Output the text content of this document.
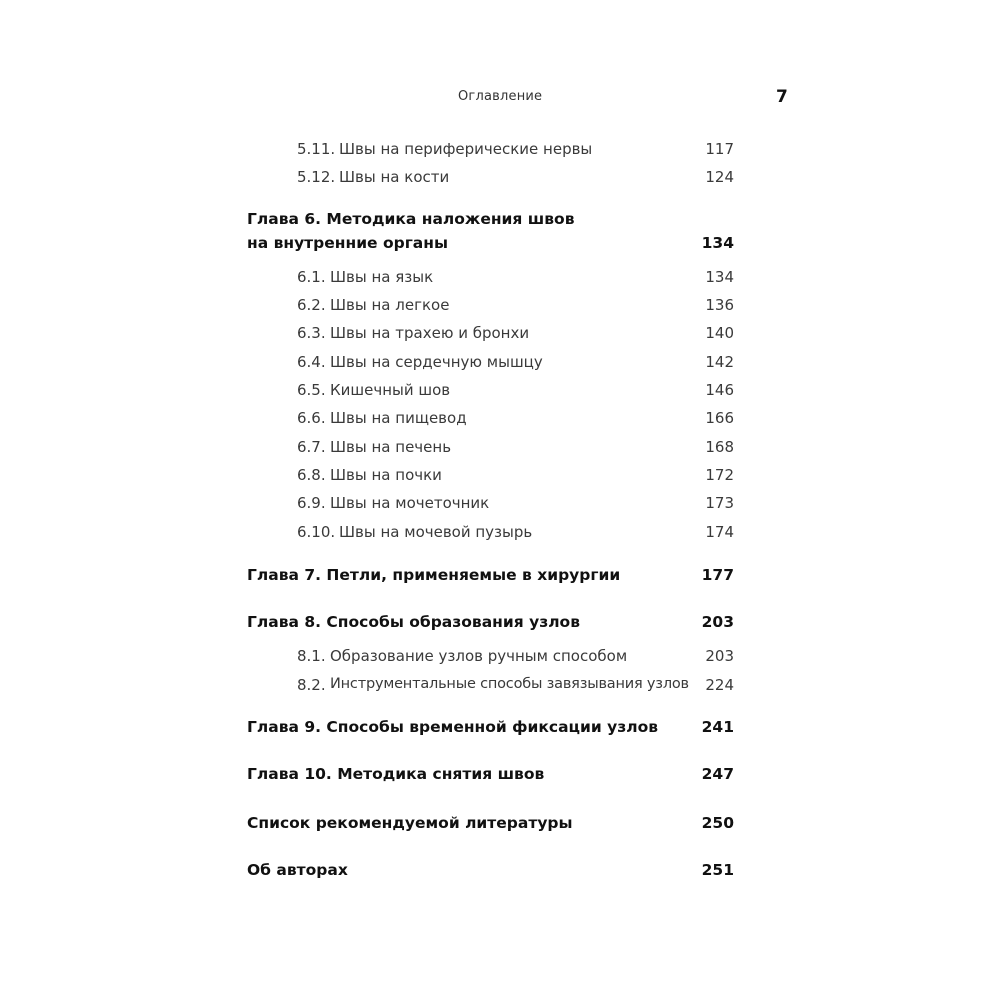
Оглавление	7
5.11. Швы на периферические нервы	117
5.12. Швы на кости	124
Глава 6. Методика наложения швов
на внутренние органы	134
6.1. Швы на язык	134
6.2. Швы на легкое	136
6.3. Швы на трахею и бронхи	140
6.4. Швы на сердечную мышцу	142
6.5. Кишечный шов	146
6.6. Швы на пищевод	166
6.7. Швы на печень	168
6.8. Швы на почки	172
6.9. Швы на мочеточник	173
6.10. Швы на мочевой пузырь	174
Глава 7. Петли, применяемые в хирургии	177
Глава 8. Способы образования узлов	203
8.1. Образование узлов ручным способом	203
8.2. Инструментальные способы завязывания узлов 224
Глава 9. Способы временной фиксации узлов	241
Глава 10. Методика снятия швов	247
Список рекомендуемой литературы	250
Об авторах	251
